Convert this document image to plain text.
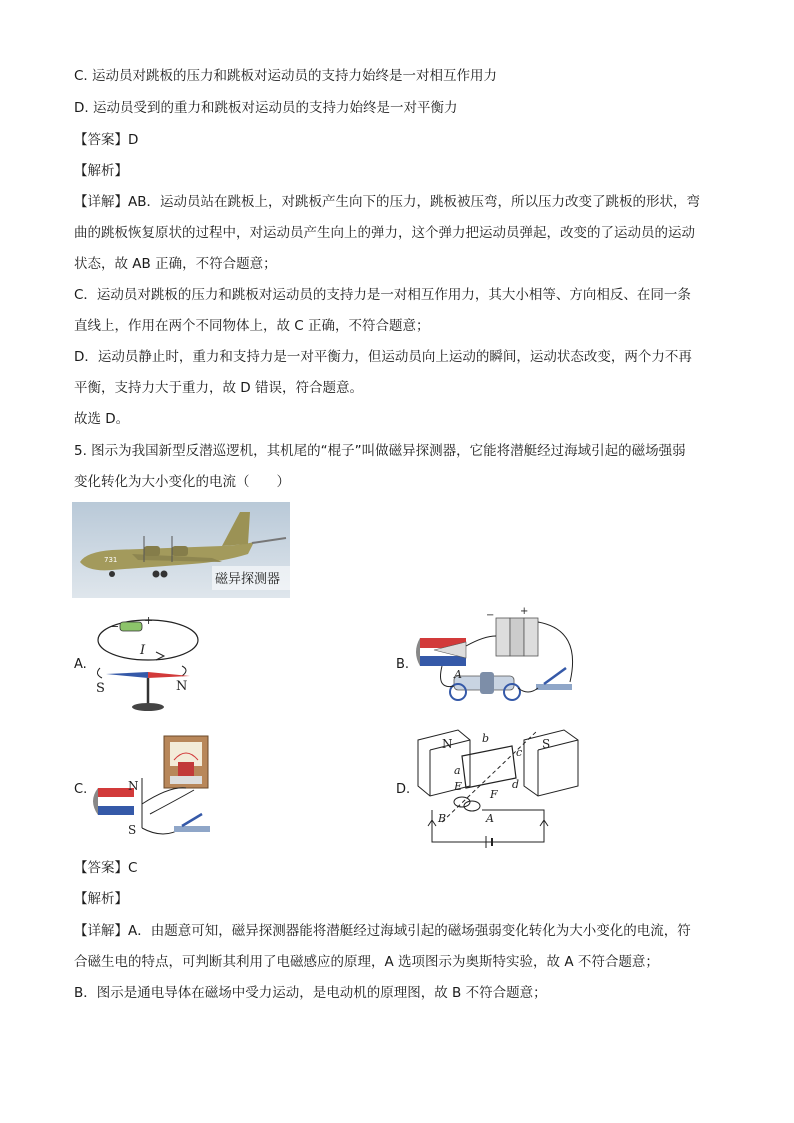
C. 运动员对跳板的压力和跳板对运动员的支持力始终是一对相互作用力
D. 运动员受到的重力和跳板对运动员的支持力始终是一对平衡力
【答案】D
【解析】
【详解】AB．运动员站在跳板上，对跳板产生向下的压力，跳板被压弯，所以压力改变了跳板的形状，弯
曲的跳板恢复原状的过程中，对运动员产生向上的弹力，这个弹力把运动员弹起，改变的了运动员的运动
状态，故 AB 正确，不符合题意；
C．运动员对跳板的压力和跳板对运动员的支持力是一对相互作用力，其大小相等、方向相反、在同一条
直线上，作用在两个不同物体上，故 C 正确，不符合题意；
D．运动员静止时，重力和支持力是一对平衡力，但运动员向上运动的瞬间，运动状态改变，两个力不再
平衡，支持力大于重力，故 D 错误，符合题意。
故选 D。
5. 图示为我国新型反潜巡逻机，其机尾的“棍子”叫做磁异探测器，它能将潜艇经过海域引起的磁场强弱
变化转化为大小变化的电流（　　）
731
磁异探测器
A.
− +
I
S	N
B.
−	+
A
C.	N
S
D.
N	S
a
b
c
d
E
F
B	A
【答案】C
【解析】
【详解】A．由题意可知，磁异探测器能将潜艇经过海域引起的磁场强弱变化转化为大小变化的电流，符
合磁生电的特点，可判断其利用了电磁感应的原理，A 选项图示为奥斯特实验，故 A 不符合题意；
B．图示是通电导体在磁场中受力运动，是电动机的原理图，故 B 不符合题意；
